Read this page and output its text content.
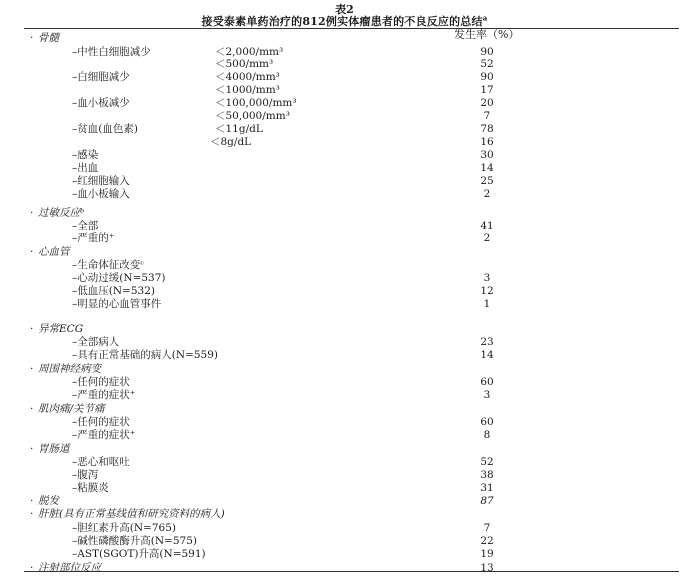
表2
接受泰素单药治疗的812例实体瘤患者的不良反应的总结$^a$
发生率（%）
· 骨髓
–中性白细胞减少	＜2,000/mm³	90
＜500/mm³	52
–白细胞减少	＜4000/mm³	90
＜1000/mm³	17
–血小板减少	＜100,000/mm³	20
＜50,000/mm³	7
–贫血(血色素)	＜11g/dL	78
＜8g/dL	16
–感染	30
–出血	14
–红细胞输入	25
–血小板输入	2
· 过敏反应ᵇ
–全部	41
–严重的⁺	2
· 心血管
–生命体征改变ᶜ
–心动过缓(N=537)	3
–低血压(N=532)	12
–明显的心血管事件	1
· 异常ECG
–全部病人	23
–具有正常基础的病人(N=559)	14
· 周围神经病变
–任何的症状	60
–严重的症状⁺	3
· 肌肉痛/关节痛
–任何的症状	60
–严重的症状⁺	8
· 胃肠道
–恶心和呕吐	52
–腹泻	38
–粘膜炎	31
· 脱发	87
· 肝脏(具有正常基线值和研究资料的病人)
–胆红素升高(N=765)	7
–碱性磷酸酶升高(N=575)	22
–AST(SGOT)升高(N=591)	19
· 注射部位反应	13
